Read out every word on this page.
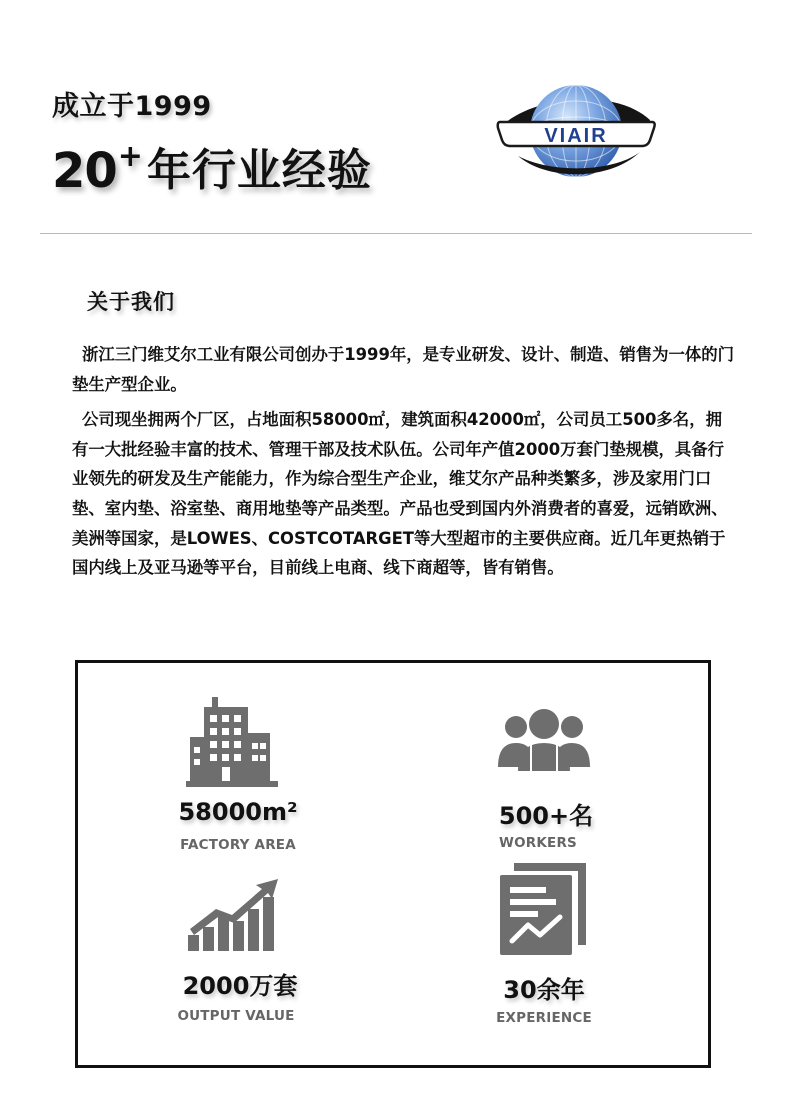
成立于1999
20 + 年行业经验
VIAIR
关于我们

浙江三门维艾尔工业有限公司创办于1999年，是专业研发、设计、制造、销售为一体的门垫生产型企业。

公司现坐拥两个厂区，占地面积58000㎡，建筑面积42000㎡，公司员工500多名，拥有一大批经验丰富的技术、管理干部及技术队伍。公司年产值2000万套门垫规模，具备行业领先的研发及生产能能力，作为综合型生产企业，维艾尔产品种类繁多，涉及家用门口垫、室内垫、浴室垫、商用地垫等产品类型。产品也受到国内外消费者的喜爱，远销欧洲、美洲等国家，是LOWES、COSTCOTARGET等大型超市的主要供应商。近几年更热销于国内线上及亚马逊等平台，目前线上电商、线下商超等，皆有销售。

58000m²
FACTORY AREA
500+名
WORKERS
2000万套
OUTPUT VALUE
30余年
EXPERIENCE
